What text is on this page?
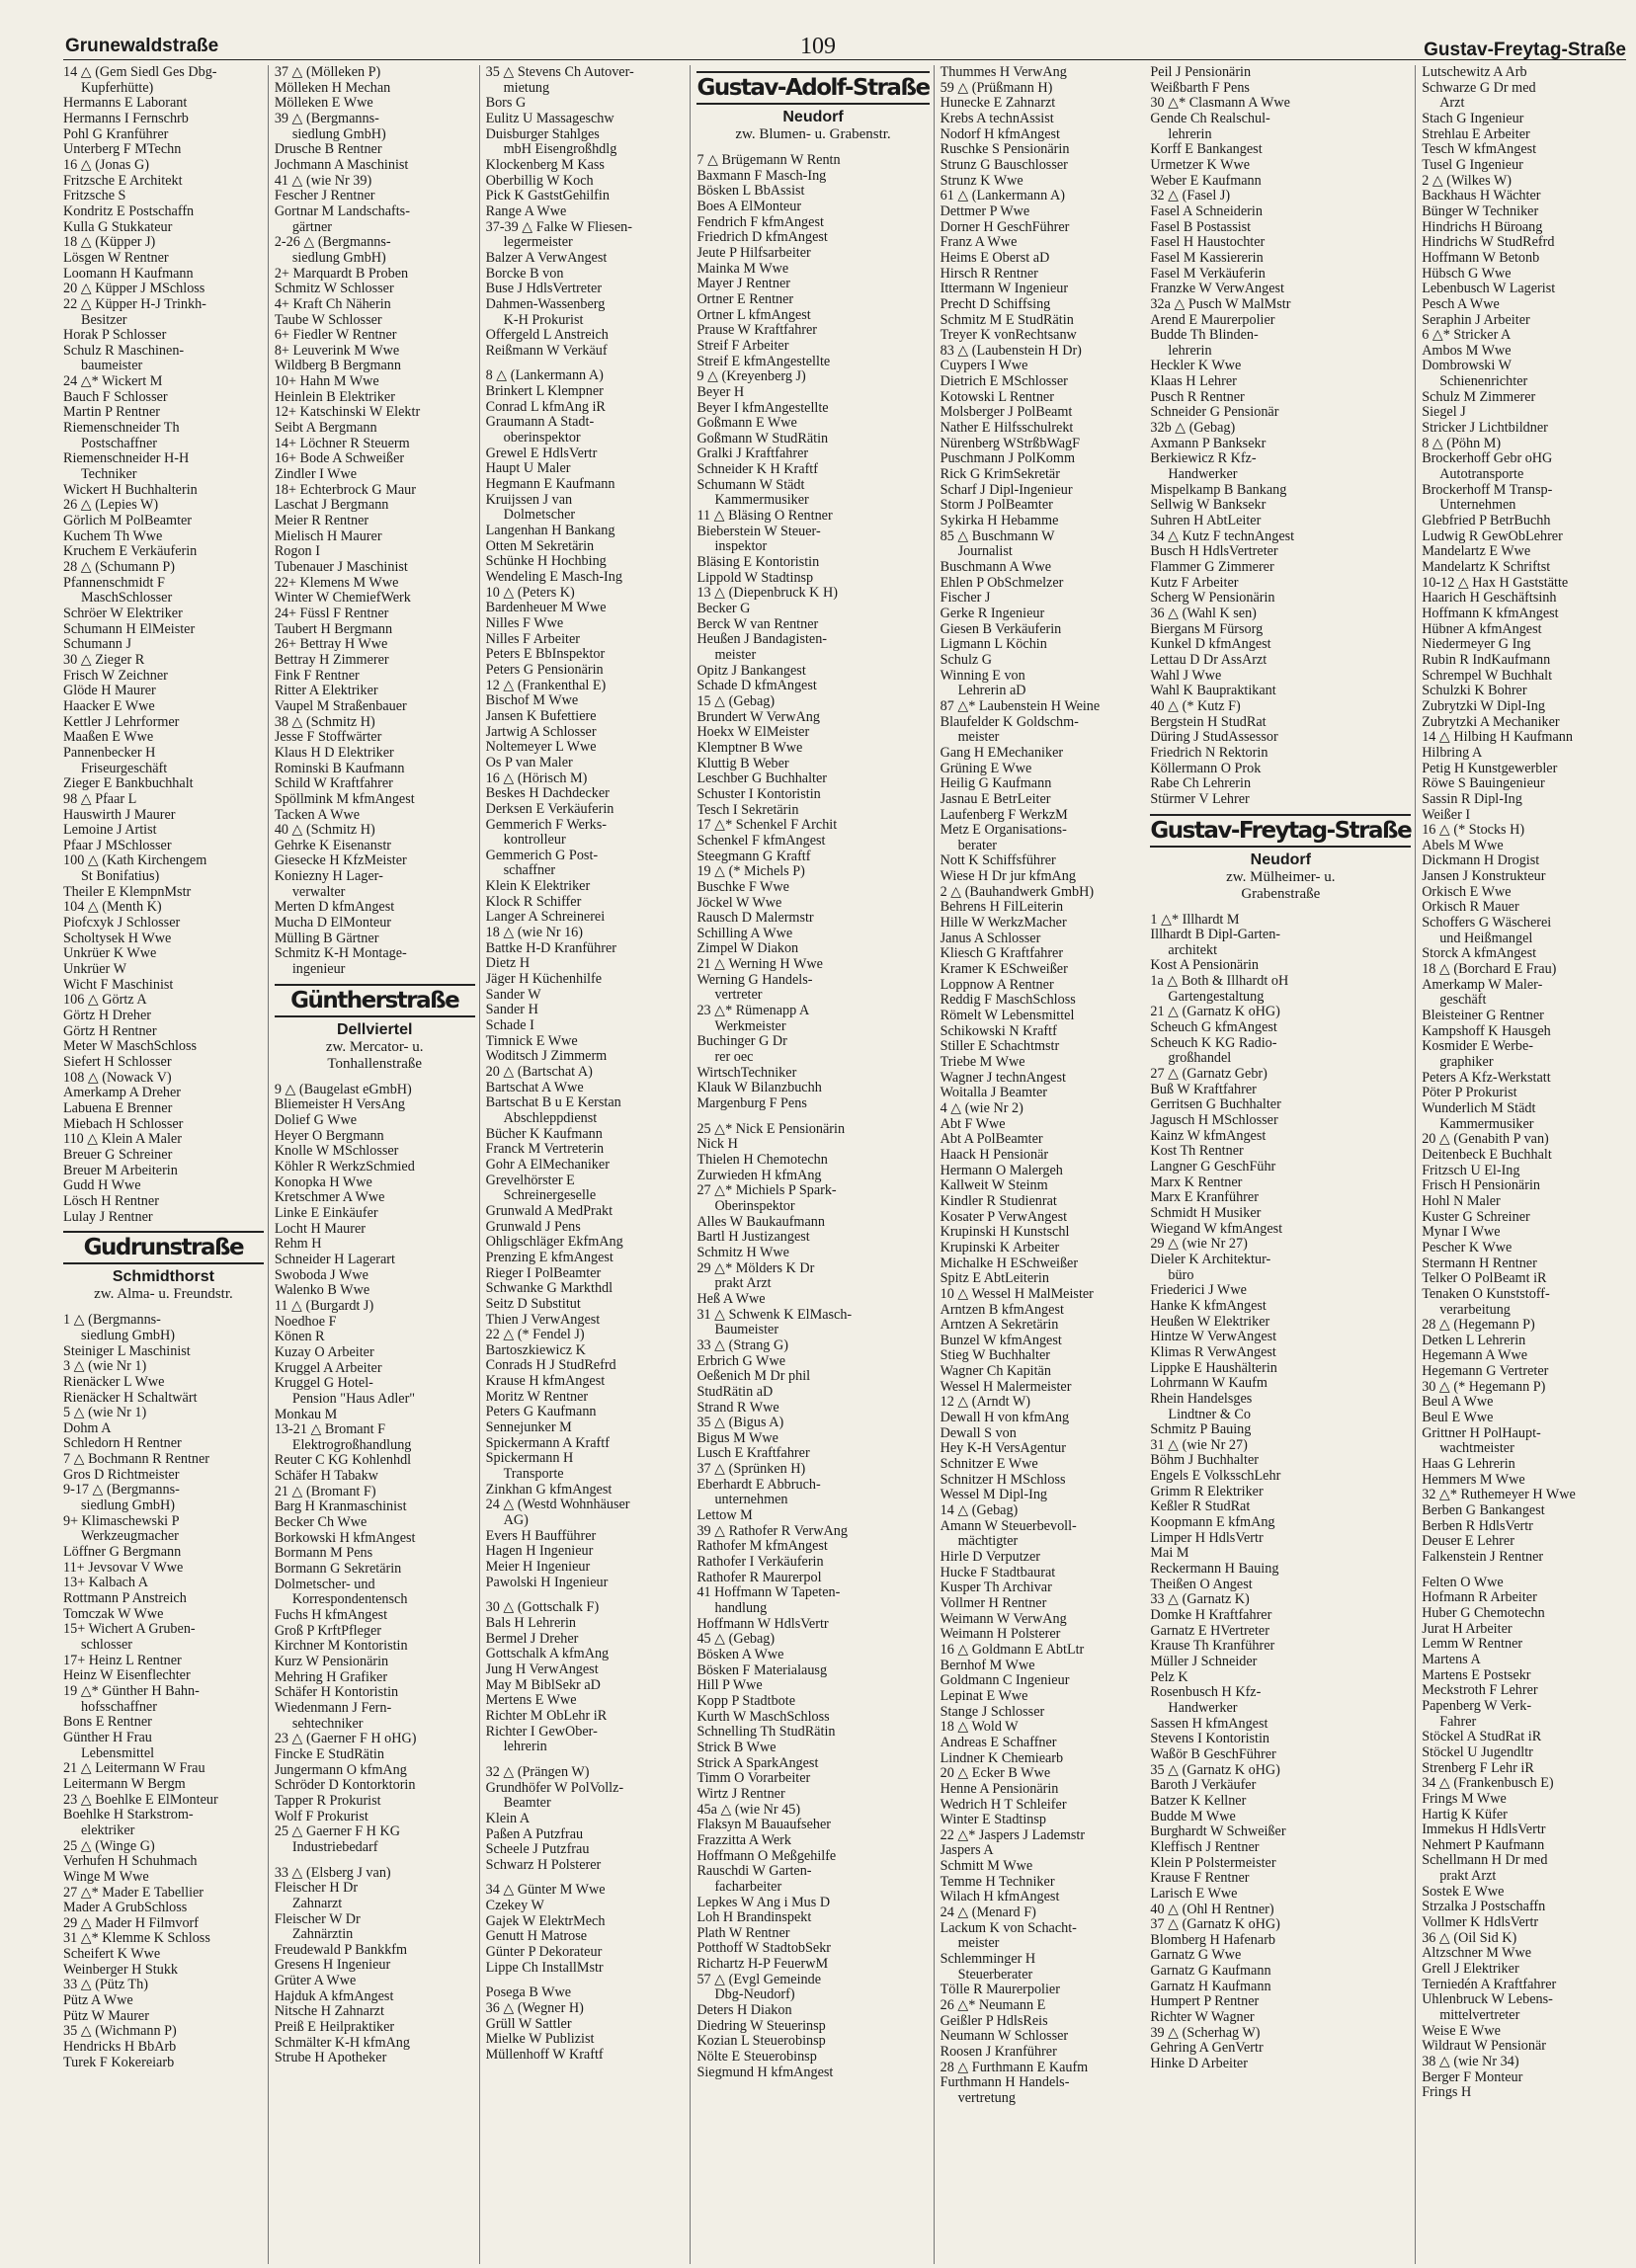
Grunewaldstraße	109	Gustav-Freytag-Straße
14 △ (Gem Siedl Ges Dbg-
Kupferhütte)
Hermanns E Laborant
Hermanns I Fernschrb
Pohl G Kranführer
Unterberg F MTechn
16 △ (Jonas G)
Fritzsche E Architekt
Fritzsche S
Kondritz E Postschaffn
Kulla G Stukkateur
18 △ (Küpper J)
Lösgen W Rentner
Loomann H Kaufmann
20 △ Küpper J MSchloss
22 △ Küpper H-J Trinkh-
Besitzer
Horak P Schlosser
Schulz R Maschinen-
baumeister
24 △* Wickert M
Bauch F Schlosser
Martin P Rentner
Riemenschneider Th
Postschaffner
Riemenschneider H-H
Techniker
Wickert H Buchhalterin
26 △ (Lepies W)
Görlich M PolBeamter
Kuchem Th Wwe
Kruchem E Verkäuferin
28 △ (Schumann P)
Pfannenschmidt F
MaschSchlosser
Schröer W Elektriker
Schumann H ElMeister
Schumann J
30 △ Zieger R
Frisch W Zeichner
Glöde H Maurer
Haacker E Wwe
Kettler J Lehrformer
Maaßen E Wwe
Pannenbecker H
Friseurgeschäft
Zieger E Bankbuchhalt
98 △ Pfaar L
Hauswirth J Maurer
Lemoine J Artist
Pfaar J MSchlosser
100 △ (Kath Kirchengem
St Bonifatius)
Theiler E KlempnMstr
104 △ (Menth K)
Piofcxyk J Schlosser
Scholtysek H Wwe
Unkrüer K Wwe
Unkrüer W
Wicht F Maschinist
106 △ Görtz A
Görtz H Dreher
Görtz H Rentner
Meter W MaschSchloss
Siefert H Schlosser
108 △ (Nowack V)
Amerkamp A Dreher
Labuena E Brenner
Miebach H Schlosser
110 △ Klein A Maler
Breuer G Schreiner
Breuer M Arbeiterin
Gudd H Wwe
Lösch H Rentner
Lulay J Rentner
Gudrunstraße
Schmidthorst
zw. Alma- u. Freundstr.
1 △ (Bergmanns-
siedlung GmbH)
Steiniger L Maschinist
3 △ (wie Nr 1)
Rienäcker L Wwe
Rienäcker H Schaltwärt
5 △ (wie Nr 1)
Dohm A
Schledorn H Rentner
7 △ Bochmann R Rentner
Gros D Richtmeister
9-17 △ (Bergmanns-
siedlung GmbH)
9+ Klimaschewski P
Werkzeugmacher
Löffner G Bergmann
11+ Jevsovar V Wwe
13+ Kalbach A
Rottmann P Anstreich
Tomczak W Wwe
15+ Wichert A Gruben-
schlosser
17+ Heinz L Rentner
Heinz W Eisenflechter
19 △* Günther H Bahn-
hofsschaffner
Bons E Rentner
Günther H Frau
Lebensmittel
21 △ Leitermann W Frau
Leitermann W Bergm
23 △ Boehlke E ElMonteur
Boehlke H Starkstrom-
elektriker
25 △ (Winge G)
Verhufen H Schuhmach
Winge M Wwe
27 △* Mader E Tabellier
Mader A GrubSchloss
29 △ Mader H Filmvorf
31 △* Klemme K Schloss
Scheifert K Wwe
Weinberger H Stukk
33 △ (Pütz Th)
Pütz A Wwe
Pütz W Maurer
35 △ (Wichmann P)
Hendricks H BbArb
Turek F Kokereiarb
37 △ (Mölleken P)
Mölleken H Mechan
Mölleken E Wwe
39 △ (Bergmanns-
siedlung GmbH)
Drusche B Rentner
Jochmann A Maschinist
41 △ (wie Nr 39)
Fescher J Rentner
Gortnar M Landschafts-
gärtner
2-26 △ (Bergmanns-
siedlung GmbH)
2+ Marquardt B Proben
Schmitz W Schlosser
4+ Kraft Ch Näherin
Taube W Schlosser
6+ Fiedler W Rentner
8+ Leuverink M Wwe
Wildberg B Bergmann
10+ Hahn M Wwe
Heinlein B Elektriker
12+ Katschinski W Elektr
Seibt A Bergmann
14+ Löchner R Steuerm
16+ Bode A Schweißer
Zindler I Wwe
18+ Echterbrock G Maur
Laschat J Bergmann
Meier R Rentner
Mielisch H Maurer
Rogon I
Tubenauer J Maschinist
22+ Klemens M Wwe
Winter W ChemiefWerk
24+ Füssl F Rentner
Taubert H Bergmann
26+ Bettray H Wwe
Bettray H Zimmerer
Fink F Rentner
Ritter A Elektriker
Vaupel M Straßenbauer
38 △ (Schmitz H)
Jesse F Stoffwärter
Klaus H D Elektriker
Rominski B Kaufmann
Schild W Kraftfahrer
Spöllmink M kfmAngest
Tacken A Wwe
40 △ (Schmitz H)
Gehrke K Eisenanstr
Giesecke H KfzMeister
Koniezny H Lager-
verwalter
Merten D kfmAngest
Mucha D ElMonteur
Mülling B Gärtner
Schmitz K-H Montage-
ingenieur
Güntherstraße
Dellviertel
zw. Mercator- u.
Tonhallenstraße
9 △ (Baugelast eGmbH)
Bliemeister H VersAng
Dolief G Wwe
Heyer O Bergmann
Knolle W MSchlosser
Köhler R WerkzSchmied
Konopka H Wwe
Kretschmer A Wwe
Linke E Einkäufer
Locht H Maurer
Rehm H
Schneider H Lagerart
Swoboda J Wwe
Walenko B Wwe
11 △ (Burgardt J)
Noedhoe F
Könen R
Kuzay O Arbeiter
Kruggel A Arbeiter
Kruggel G Hotel-
Pension "Haus Adler"
Monkau M
13-21 △ Bromant F
Elektrogroßhandlung
Reuter C KG Kohlenhdl
Schäfer H Tabakw
21 △ (Bromant F)
Barg H Kranmaschinist
Becker Ch Wwe
Borkowski H kfmAngest
Bormann M Pens
Bormann G Sekretärin
Dolmetscher- und
Korrespondentensch
Fuchs H kfmAngest
Groß P KrftPfleger
Kirchner M Kontoristin
Kurz W Pensionärin
Mehring H Grafiker
Schäfer H Kontoristin
Wiedenmann J Fern-
sehtechniker
23 △ (Gaerner F H oHG)
Fincke E StudRätin
Jungermann O kfmAng
Schröder D Kontorktorin
Tapper R Prokurist
Wolf F Prokurist
25 △ Gaerner F H KG
Industriebedarf
33 △ (Elsberg J van)
Fleischer H Dr
Zahnarzt
Fleischer W Dr
Zahnärztin
Freudewald P Bankkfm
Gresens H Ingenieur
Grüter A Wwe
Hajduk A kfmAngest
Nitsche H Zahnarzt
Preiß E Heilpraktiker
Schmälter K-H kfmAng
Strube H Apotheker
35 △ Stevens Ch Autover-
mietung
Bors G
Eulitz U Massageschw
Duisburger Stahlges
mbH Eisengroßhdlg
Klockenberg M Kass
Oberbillig W Koch
Pick K GaststGehilfin
Range A Wwe
37-39 △ Falke W Fliesen-
legermeister
Balzer A VerwAngest
Borcke B von
Buse J HdlsVertreter
Dahmen-Wassenberg
K-H Prokurist
Offergeld L Anstreich
Reißmann W Verkäuf
8 △ (Lankermann A)
Brinkert L Klempner
Conrad L kfmAng iR
Graumann A Stadt-
oberinspektor
Grewel E HdlsVertr
Haupt U Maler
Hegmann E Kaufmann
Kruijssen J van
Dolmetscher
Langenhan H Bankang
Otten M Sekretärin
Schünke H Hochbing
Wendeling E Masch-Ing
10 △ (Peters K)
Bardenheuer M Wwe
Nilles F Wwe
Nilles F Arbeiter
Peters E BbInspektor
Peters G Pensionärin
12 △ (Frankenthal E)
Bischof M Wwe
Jansen K Bufettiere
Jartwig A Schlosser
Noltemeyer L Wwe
Os P van Maler
16 △ (Hörisch M)
Beskes H Dachdecker
Derksen E Verkäuferin
Gemmerich F Werks-
kontrolleur
Gemmerich G Post-
schaffner
Klein K Elektriker
Klock R Schiffer
Langer A Schreinerei
18 △ (wie Nr 16)
Battke H-D Kranführer
Dietz H
Jäger H Küchenhilfe
Sander W
Sander H
Schade I
Timnick E Wwe
Woditsch J Zimmerm
20 △ (Bartschat A)
Bartschat A Wwe
Bartschat B u E Kerstan
Abschleppdienst
Bücher K Kaufmann
Franck M Vertreterin
Gohr A ElMechaniker
Grevelhörster E
Schreinergeselle
Grunwald A MedPrakt
Grunwald J Pens
Ohligschläger EkfmAng
Prenzing E kfmAngest
Rieger I PolBeamter
Schwanke G Markthdl
Seitz D Substitut
Thien J VerwAngest
22 △ (* Fendel J)
Bartoszkiewicz K
Conrads H J StudRefrd
Krause H kfmAngest
Moritz W Rentner
Peters G Kaufmann
Sennejunker M
Spickermann A Kraftf
Spickermann H
Transporte
Zinkhan G kfmAngest
24 △ (Westd Wohnhäuser
AG)
Evers H Baufführer
Hagen H Ingenieur
Meier H Ingenieur
Pawolski H Ingenieur
30 △ (Gottschalk F)
Bals H Lehrerin
Bermel J Dreher
Gottschalk A kfmAng
Jung H VerwAngest
May M BiblSekr aD
Mertens E Wwe
Richter M ObLehr iR
Richter I GewOber-
lehrerin
32 △ (Prängen W)
Grundhöfer W PolVollz-
Beamter
Klein A
Paßen A Putzfrau
Scheele J Putzfrau
Schwarz H Polsterer
34 △ Günter M Wwe
Czekey W
Gajek W ElektrMech
Genutt H Matrose
Günter P Dekorateur
Lippe Ch InstallMstr
Posega B Wwe
36 △ (Wegner H)
Grüll W Sattler
Mielke W Publizist
Müllenhoff W Kraftf
Gustav-Adolf-Straße
Neudorf
zw. Blumen- u. Grabenstr.
7 △ Brügemann W Rentn
Baxmann F Masch-Ing
Bösken L BbAssist
Boes A ElMonteur
Fendrich F kfmAngest
Friedrich D kfmAngest
Jeute P Hilfsarbeiter
Mainka M Wwe
Mayer J Rentner
Ortner E Rentner
Ortner L kfmAngest
Prause W Kraftfahrer
Streif F Arbeiter
Streif E kfmAngestellte
9 △ (Kreyenberg J)
Beyer H
Beyer I kfmAngestellte
Goßmann E Wwe
Goßmann W StudRätin
Gralki J Kraftfahrer
Schneider K H Kraftf
Schumann W Städt
Kammermusiker
11 △ Bläsing O Rentner
Bieberstein W Steuer-
inspektor
Bläsing E Kontoristin
Lippold W Stadtinsp
13 △ (Diepenbruck K H)
Becker G
Berck W van Rentner
Heußen J Bandagisten-
meister
Opitz J Bankangest
Schade D kfmAngest
15 △ (Gebag)
Brundert W VerwAng
Hoekx W ElMeister
Klemptner B Wwe
Kluttig B Weber
Leschber G Buchhalter
Schuster I Kontoristin
Tesch I Sekretärin
17 △* Schenkel F Archit
Schenkel F kfmAngest
Steegmann G Kraftf
19 △ (* Michels P)
Buschke F Wwe
Jöckel W Wwe
Rausch D Malermstr
Schilling A Wwe
Zimpel W Diakon
21 △ Werning H Wwe
Werning G Handels-
vertreter
23 △* Rümenapp A
Werkmeister
Buchinger G Dr
rer oec
WirtschTechniker
Klauk W Bilanzbuchh
Margenburg F Pens
25 △* Nick E Pensionärin
Nick H
Thielen H Chemotechn
Zurwieden H kfmAng
27 △* Michiels P Spark-
Oberinspektor
Alles W Baukaufmann
Bartl H Justizangest
Schmitz H Wwe
29 △* Mölders K Dr
prakt Arzt
Heß A Wwe
31 △ Schwenk K ElMasch-
Baumeister
33 △ (Strang G)
Erbrich G Wwe
Oeßenich M Dr phil
StudRätin aD
Strand R Wwe
35 △ (Bigus A)
Bigus M Wwe
Lusch E Kraftfahrer
37 △ (Sprünken H)
Eberhardt E Abbruch-
unternehmen
Lettow M
39 △ Rathofer R VerwAng
Rathofer M kfmAngest
Rathofer I Verkäuferin
Rathofer R Maurerpol
41 Hoffmann W Tapeten-
handlung
Hoffmann W HdlsVertr
45 △ (Gebag)
Bösken A Wwe
Bösken F Materialausg
Hill P Wwe
Kopp P Stadtbote
Kurth W MaschSchloss
Schnelling Th StudRätin
Strick B Wwe
Strick A SparkAngest
Timm O Vorarbeiter
Wirtz J Rentner
45a △ (wie Nr 45)
Flaksyn M Bauaufseher
Frazzitta A Werk
Hoffmann O Meßgehilfe
Rauschdi W Garten-
facharbeiter
Lepkes W Ang i Mus D
Loh H Brandinspekt
Plath W Rentner
Potthoff W StadtobSekr
Richartz H-P FeuerwM
57 △ (Evgl Gemeinde
Dbg-Neudorf)
Deters H Diakon
Diedring W Steuerinsp
Kozian L Steuerobinsp
Nölte E Steuerobinsp
Siegmund H kfmAngest
Thummes H VerwAng
59 △ (Prüßmann H)
Hunecke E Zahnarzt
Krebs A technAssist
Nodorf H kfmAngest
Ruschke S Pensionärin
Strunz G Bauschlosser
Strunz K Wwe
61 △ (Lankermann A)
Dettmer P Wwe
Dorner H GeschFührer
Franz A Wwe
Heims E Oberst aD
Hirsch R Rentner
Ittermann W Ingenieur
Precht D Schiffsing
Schmitz M E StudRätin
Treyer K vonRechtsanw
83 △ (Laubenstein H Dr)
Cuypers I Wwe
Dietrich E MSchlosser
Kotowski L Rentner
Molsberger J PolBeamt
Nather E Hilfsschulrekt
Nürenberg WStrßbWagF
Puschmann J PolKomm
Rick G KrimSekretär
Scharf J Dipl-Ingenieur
Storm J PolBeamter
Sykirka H Hebamme
85 △ Buschmann W
Journalist
Buschmann A Wwe
Ehlen P ObSchmelzer
Fischer J
Gerke R Ingenieur
Giesen B Verkäuferin
Ligmann L Köchin
Schulz G
Winning E von
Lehrerin aD
87 △* Laubenstein H Weine
Blaufelder K Goldschm-
meister
Gang H EMechaniker
Grüning E Wwe
Heilig G Kaufmann
Jasnau E BetrLeiter
Laufenberg F WerkzM
Metz E Organisations-
berater
Nott K Schiffsführer
Wiese H Dr jur kfmAng
2 △ (Bauhandwerk GmbH)
Behrens H FilLeiterin
Hille W WerkzMacher
Janus A Schlosser
Kliesch G Kraftfahrer
Kramer K ESchweißer
Loppnow A Rentner
Reddig F MaschSchloss
Römelt W Lebensmittel
Schikowski N Kraftf
Stiller E Schachtmstr
Triebe M Wwe
Wagner J technAngest
Woitalla J Beamter
4 △ (wie Nr 2)
Abt F Wwe
Abt A PolBeamter
Haack H Pensionär
Hermann O Malergeh
Kallweit W Steinm
Kindler R Studienrat
Kosater P VerwAngest
Krupinski H Kunstschl
Krupinski K Arbeiter
Michalke H ESchweißer
Spitz E AbtLeiterin
10 △ Wessel H MalMeister
Arntzen B kfmAngest
Arntzen A Sekretärin
Bunzel W kfmAngest
Stieg W Buchhalter
Wagner Ch Kapitän
Wessel H Malermeister
12 △ (Arndt W)
Dewall H von kfmAng
Dewall S von
Hey K-H VersAgentur
Schnitzer E Wwe
Schnitzer H MSchloss
Wessel M Dipl-Ing
14 △ (Gebag)
Amann W Steuerbevoll-
mächtigter
Hirle D Verputzer
Hucke F Stadtbaurat
Kusper Th Archivar
Vollmer H Rentner
Weimann W VerwAng
Weimann H Polsterer
16 △ Goldmann E AbtLtr
Bernhof M Wwe
Goldmann C Ingenieur
Lepinat E Wwe
Stange J Schlosser
18 △ Wold W
Andreas E Schaffner
Lindner K Chemiearb
20 △ Ecker B Wwe
Henne A Pensionärin
Wedrich H T Schleifer
Winter E Stadtinsp
22 △* Jaspers J Lademstr
Jaspers A
Schmitt M Wwe
Temme H Techniker
Wilach H kfmAngest
24 △ (Menard F)
Lackum K von Schacht-
meister
Schlemminger H
Steuerberater
Tölle R Maurerpolier
26 △* Neumann E
Geißler P HdlsReis
Neumann W Schlosser
Roosen J Kranführer
28 △ Furthmann E Kaufm
Furthmann H Handels-
vertretung
Peil J Pensionärin
Weißbarth F Pens
30 △* Clasmann A Wwe
Gende Ch Realschul-
lehrerin
Korff E Bankangest
Urmetzer K Wwe
Weber E Kaufmann
32 △ (Fasel J)
Fasel A Schneiderin
Fasel B Postassist
Fasel H Haustochter
Fasel M Kassiererin
Fasel M Verkäuferin
Franzke W VerwAngest
32a △ Pusch W MalMstr
Arend E Maurerpolier
Budde Th Blinden-
lehrerin
Heckler K Wwe
Klaas H Lehrer
Pusch R Rentner
Schneider G Pensionär
32b △ (Gebag)
Axmann P Banksekr
Berkiewicz R Kfz-
Handwerker
Mispelkamp B Bankang
Sellwig W Banksekr
Suhren H AbtLeiter
34 △ Kutz F technAngest
Busch H HdlsVertreter
Flammer G Zimmerer
Kutz F Arbeiter
Scherg W Pensionärin
36 △ (Wahl K sen)
Biergans M Fürsorg
Kunkel D kfmAngest
Lettau D Dr AssArzt
Wahl J Wwe
Wahl K Baupraktikant
40 △ (* Kutz F)
Bergstein H StudRat
Düring J StudAssessor
Friedrich N Rektorin
Köllermann O Prok
Rabe Ch Lehrerin
Stürmer V Lehrer
Gustav-Freytag-Straße
Neudorf
zw. Mülheimer- u.
Grabenstraße
1 △* Illhardt M
Illhardt B Dipl-Garten-
architekt
Kost A Pensionärin
1a △ Both & Illhardt oH
Gartengestaltung
21 △ (Garnatz K oHG)
Scheuch G kfmAngest
Scheuch K KG Radio-
großhandel
27 △ (Garnatz Gebr)
Buß W Kraftfahrer
Gerritsen G Buchhalter
Jagusch H MSchlosser
Kainz W kfmAngest
Kost Th Rentner
Langner G GeschFühr
Marx K Rentner
Marx E Kranführer
Schmidt H Musiker
Wiegand W kfmAngest
29 △ (wie Nr 27)
Dieler K Architektur-
büro
Friederici J Wwe
Hanke K kfmAngest
Heußen W Elektriker
Hintze W VerwAngest
Klimas R VerwAngest
Lippke E Haushälterin
Lohrmann W Kaufm
Rhein Handelsges
Lindtner & Co
Schmitz P Bauing
31 △ (wie Nr 27)
Böhm J Buchhalter
Engels E VolksschLehr
Grimm R Elektriker
Keßler R StudRat
Koopmann E kfmAng
Limper H HdlsVertr
Mai M
Reckermann H Bauing
Theißen O Angest
33 △ (Garnatz K)
Domke H Kraftfahrer
Garnatz E HVertreter
Krause Th Kranführer
Müller J Schneider
Pelz K
Rosenbusch H Kfz-
Handwerker
Sassen H kfmAngest
Stevens I Kontoristin
Waßör B GeschFührer
35 △ (Garnatz K oHG)
Baroth J Verkäufer
Batzer K Kellner
Budde M Wwe
Burghardt W Schweißer
Kleffisch J Rentner
Klein P Polstermeister
Krause F Rentner
Larisch E Wwe
40 △ (Ohl H Rentner)
37 △ (Garnatz K oHG)
Blomberg H Hafenarb
Garnatz G Wwe
Garnatz G Kaufmann
Garnatz H Kaufmann
Humpert P Rentner
Richter W Wagner
39 △ (Scherhag W)
Gehring A GenVertr
Hinke D Arbeiter
Lutschewitz A Arb
Schwarze G Dr med
Arzt
Stach G Ingenieur
Strehlau E Arbeiter
Tesch W kfmAngest
Tusel G Ingenieur
2 △ (Wilkes W)
Backhaus H Wächter
Bünger W Techniker
Hindrichs H Büroang
Hindrichs W StudRefrd
Hoffmann W Betonb
Hübsch G Wwe
Lebenbusch W Lagerist
Pesch A Wwe
Seraphin J Arbeiter
6 △* Stricker A
Ambos M Wwe
Dombrowski W
Schienenrichter
Schulz M Zimmerer
Siegel J
Stricker J Lichtbildner
8 △ (Pöhn M)
Brockerhoff Gebr oHG
Autotransporte
Brockerhoff M Transp-
Unternehmen
Glebfried P BetrBuchh
Ludwig R GewObLehrer
Mandelartz E Wwe
Mandelartz K Schriftst
10-12 △ Hax H Gaststätte
Haarich H Geschäftsinh
Hoffmann K kfmAngest
Hübner A kfmAngest
Niedermeyer G Ing
Rubin R IndKaufmann
Schrempel W Buchhalt
Schulzki K Bohrer
Zubrytzki W Dipl-Ing
Zubrytzki A Mechaniker
14 △ Hilbing H Kaufmann
Hilbring A
Petig H Kunstgewerbler
Röwe S Bauingenieur
Sassin R Dipl-Ing
Weißer I
16 △ (* Stocks H)
Abels M Wwe
Dickmann H Drogist
Jansen J Konstrukteur
Orkisch E Wwe
Orkisch R Mauer
Schoffers G Wäscherei
und Heißmangel
Storck A kfmAngest
18 △ (Borchard E Frau)
Amerkamp W Maler-
geschäft
Bleisteiner G Rentner
Kampshoff K Hausgeh
Kosmider E Werbe-
graphiker
Peters A Kfz-Werkstatt
Pöter P Prokurist
Wunderlich M Städt
Kammermusiker
20 △ (Genabith P van)
Deitenbeck E Buchhalt
Fritzsch U El-Ing
Frisch H Pensionärin
Hohl N Maler
Kuster G Schreiner
Mynar I Wwe
Pescher K Wwe
Stermann H Rentner
Telker O PolBeamt iR
Tenaken O Kunststoff-
verarbeitung
28 △ (Hegemann P)
Detken L Lehrerin
Hegemann A Wwe
Hegemann G Vertreter
30 △ (* Hegemann P)
Beul A Wwe
Beul E Wwe
Grittner H PolHaupt-
wachtmeister
Haas G Lehrerin
Hemmers M Wwe
32 △* Ruthemeyer H Wwe
Berben G Bankangest
Berben R HdlsVertr
Deuser E Lehrer
Falkenstein J Rentner
Felten O Wwe
Hofmann R Arbeiter
Huber G Chemotechn
Jurat H Arbeiter
Lemm W Rentner
Martens A
Martens E Postsekr
Meckstroth F Lehrer
Papenberg W Verk-
Fahrer
Stöckel A StudRat iR
Stöckel U Jugendltr
Strenberg F Lehr iR
34 △ (Frankenbusch E)
Frings M Wwe
Hartig K Küfer
Immekus H HdlsVertr
Nehmert P Kaufmann
Schellmann H Dr med
prakt Arzt
Sostek E Wwe
Strzalka J Postschaffn
Vollmer K HdlsVertr
36 △ (Oil Sid K)
Altzschner M Wwe
Grell J Elektriker
Terniedén A Kraftfahrer
Uhlenbruck W Lebens-
mittelvertreter
Weise E Wwe
Wildraut W Pensionär
38 △ (wie Nr 34)
Berger F Monteur
Frings H
